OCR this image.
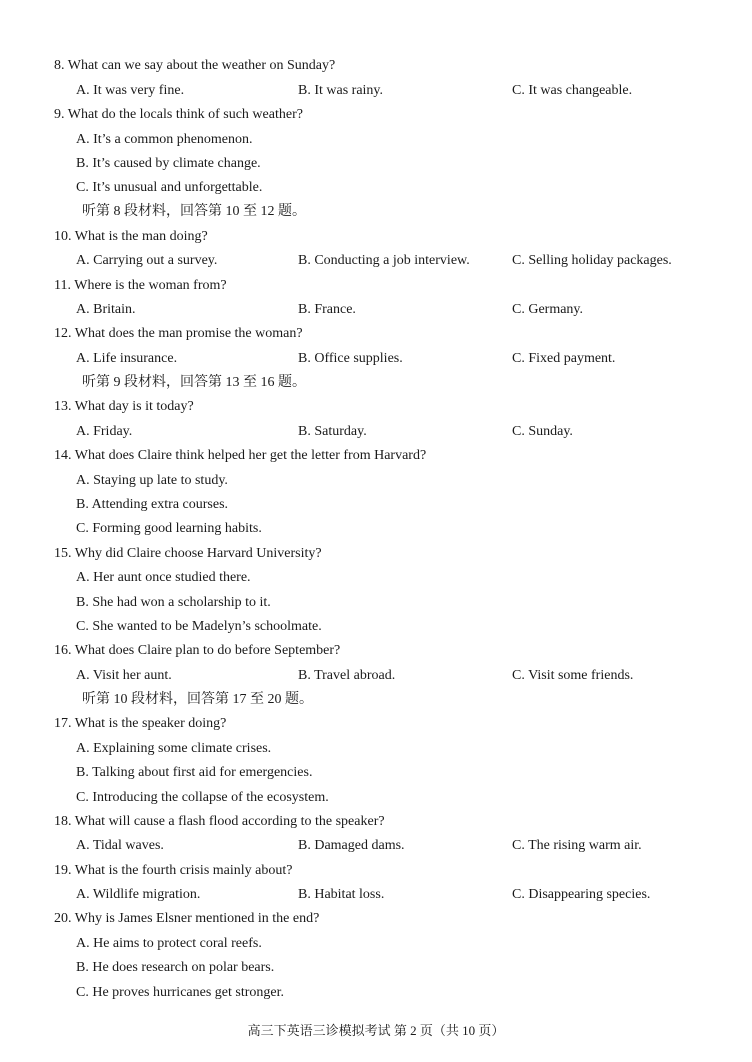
8. What can we say about the weather on Sunday?
A. It was very fine.	B. It was rainy.	C. It was changeable.
9. What do the locals think of such weather?
A. It’s a common phenomenon.
B. It’s caused by climate change.
C. It’s unusual and unforgettable.
听第 8 段材料，回答第 10 至 12 题。
10. What is the man doing?
A. Carrying out a survey.	B. Conducting a job interview.	C. Selling holiday packages.
11. Where is the woman from?
A. Britain.	B. France.	C. Germany.
12. What does the man promise the woman?
A. Life insurance.	B. Office supplies.	C. Fixed payment.
听第 9 段材料，回答第 13 至 16 题。
13. What day is it today?
A. Friday.	B. Saturday.	C. Sunday.
14. What does Claire think helped her get the letter from Harvard?
A. Staying up late to study.
B. Attending extra courses.
C. Forming good learning habits.
15. Why did Claire choose Harvard University?
A. Her aunt once studied there.
B. She had won a scholarship to it.
C. She wanted to be Madelyn’s schoolmate.
16. What does Claire plan to do before September?
A. Visit her aunt.	B. Travel abroad.	C. Visit some friends.
听第 10 段材料，回答第 17 至 20 题。
17. What is the speaker doing?
A. Explaining some climate crises.
B. Talking about first aid for emergencies.
C. Introducing the collapse of the ecosystem.
18. What will cause a flash flood according to the speaker?
A. Tidal waves.	B. Damaged dams.	C. The rising warm air.
19. What is the fourth crisis mainly about?
A. Wildlife migration.	B. Habitat loss.	C. Disappearing species.
20. Why is James Elsner mentioned in the end?
A. He aims to protect coral reefs.
B. He does research on polar bears.
C. He proves hurricanes get stronger.
高三下英语三诊模拟考试 第 2 页（共 10 页）
